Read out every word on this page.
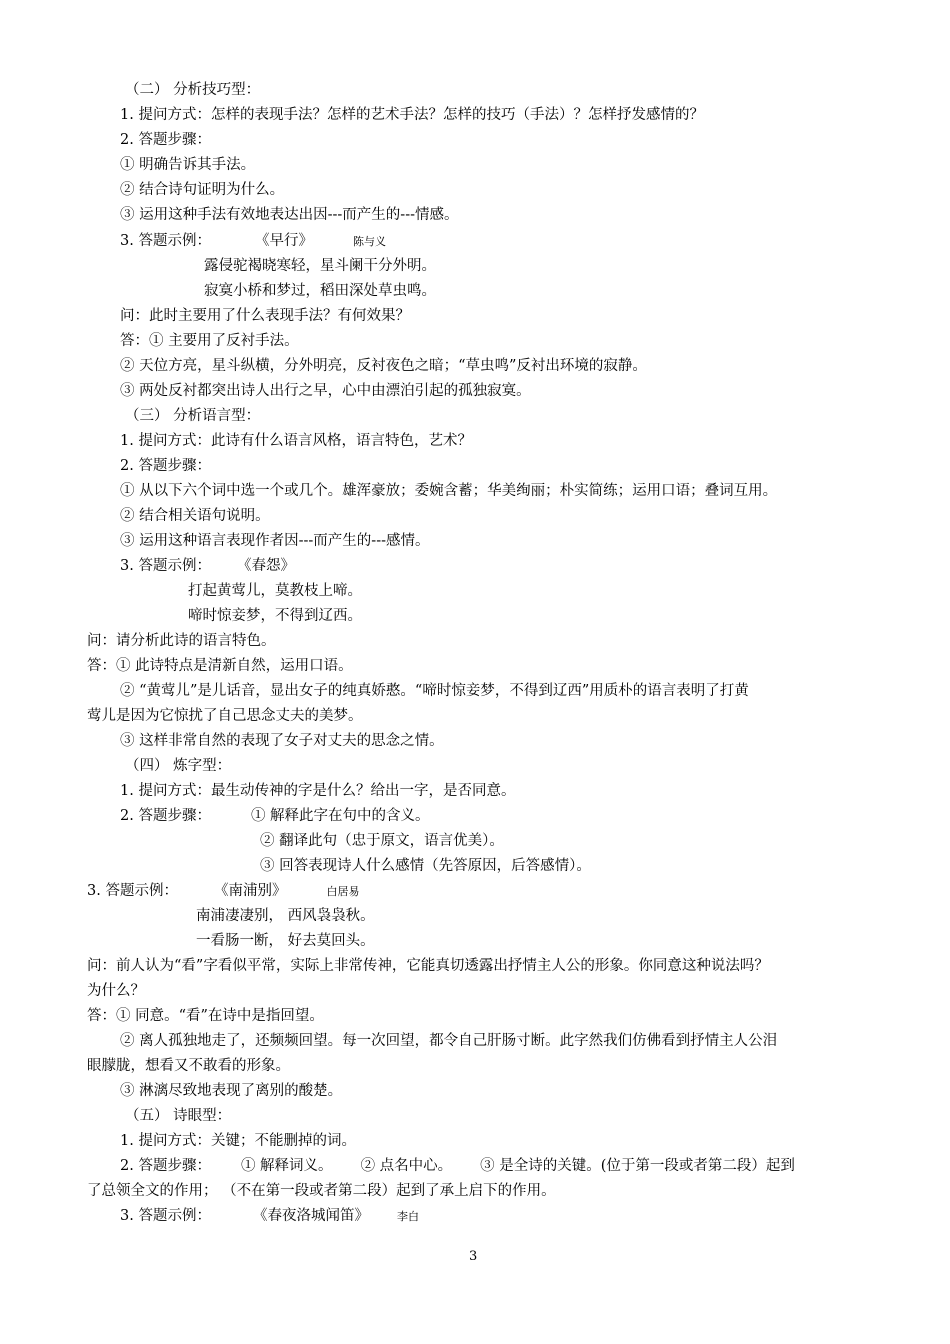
（二） 分析技巧型：
1. 提问方式：怎样的表现手法？怎样的艺术手法？怎样的技巧（手法）？怎样抒发感情的？
2. 答题步骤：
① 明确告诉其手法。
② 结合诗句证明为什么。
③ 运用这种手法有效地表达出因---而产生的---情感。
3. 答题示例：	《早行》	陈与义
露侵驼褐晓寒轻，星斗阑干分外明。
寂寞小桥和梦过，稻田深处草虫鸣。
问：此时主要用了什么表现手法？有何效果？
答：① 主要用了反衬手法。
② 天位方亮，星斗纵横，分外明亮，反衬夜色之暗；“草虫鸣”反衬出环境的寂静。
③ 两处反衬都突出诗人出行之早，心中由漂泊引起的孤独寂寞。
（三） 分析语言型：
1. 提问方式：此诗有什么语言风格，语言特色，艺术？
2. 答题步骤：
① 从以下六个词中选一个或几个。雄浑豪放；委婉含蓄；华美绚丽；朴实简练；运用口语；叠词互用。
② 结合相关语句说明。
③ 运用这种语言表现作者因---而产生的---感情。
3. 答题示例： 《春怨》
打起黄莺儿，莫教枝上啼。
啼时惊妾梦，不得到辽西。
问：请分析此诗的语言特色。
答：① 此诗特点是清新自然，运用口语。
② “黄莺儿”是儿话音，显出女子的纯真娇憨。“啼时惊妾梦，不得到辽西”用质朴的语言表明了打黄
莺儿是因为它惊扰了自己思念丈夫的美梦。
③ 这样非常自然的表现了女子对丈夫的思念之情。
（四） 炼字型：
1. 提问方式：最生动传神的字是什么？给出一字，是否同意。
2. 答题步骤：	① 解释此字在句中的含义。
② 翻译此句（忠于原文，语言优美）。
③ 回答表现诗人什么感情（先答原因，后答感情）。
3. 答题示例： 《南浦别》	白居易
南浦凄凄别， 西风袅袅秋。
一看肠一断， 好去莫回头。
问：前人认为“看”字看似平常，实际上非常传神，它能真切透露出抒情主人公的形象。你同意这种说法吗？
为什么？
答：① 同意。“看”在诗中是指回望。
② 离人孤独地走了，还频频回望。每一次回望，都令自己肝肠寸断。此字然我们仿佛看到抒情主人公泪
眼朦胧，想看又不敢看的形象。
③ 淋漓尽致地表现了离别的酸楚。
（五） 诗眼型：
1. 提问方式：关键；不能删掉的词。
2. 答题步骤： ① 解释词义。 ② 点名中心。 ③ 是全诗的关键。(位于第一段或者第二段）起到
了总领全文的作用； （不在第一段或者第二段）起到了承上启下的作用。
3. 答题示例：	《春夜洛城闻笛》	李白
3
